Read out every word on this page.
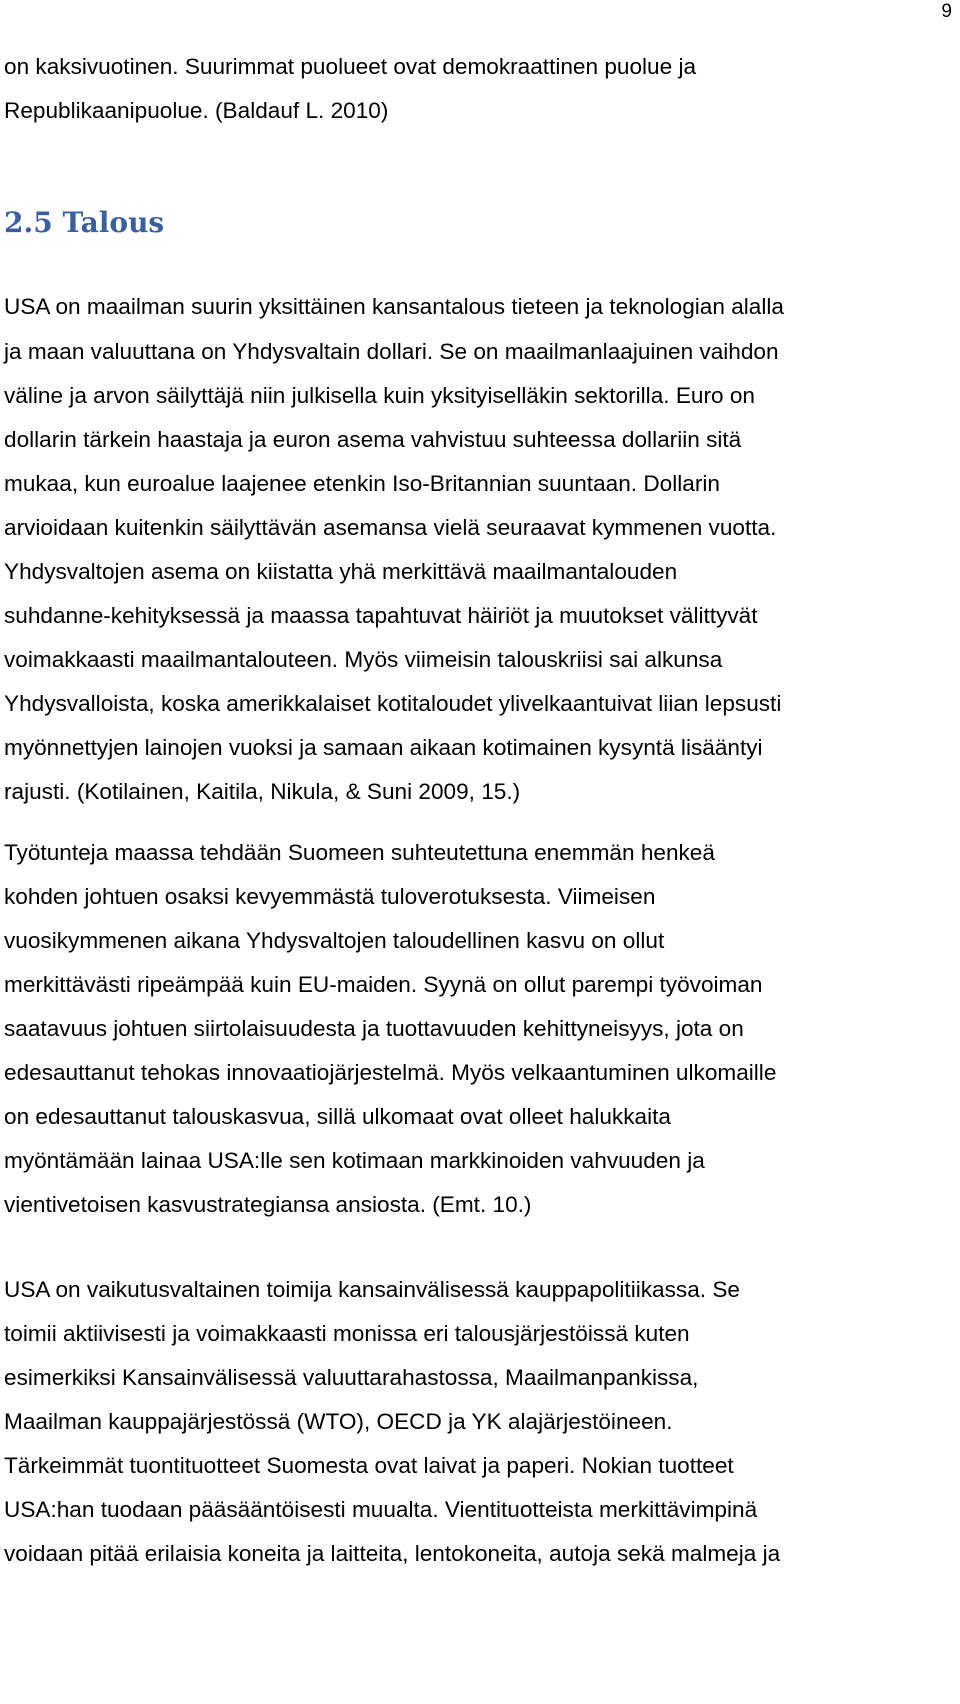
9
on kaksivuotinen. Suurimmat puolueet ovat demokraattinen puolue ja
Republikaanipuolue. (Baldauf L. 2010)
2.5 Talous
USA on maailman suurin yksittäinen kansantalous tieteen ja teknologian alalla
ja maan valuuttana on Yhdysvaltain dollari. Se on maailmanlaajuinen vaihdon
väline ja arvon säilyttäjä niin julkisella kuin yksityiselläkin sektorilla. Euro on
dollarin tärkein haastaja ja euron asema vahvistuu suhteessa dollariin sitä
mukaa, kun euroalue laajenee etenkin Iso-Britannian suuntaan. Dollarin
arvioidaan kuitenkin säilyttävän asemansa vielä seuraavat kymmenen vuotta.
Yhdysvaltojen asema on kiistatta yhä merkittävä maailmantalouden
suhdanne-kehityksessä ja maassa tapahtuvat häiriöt ja muutokset välittyvät
voimakkaasti maailmantalouteen. Myös viimeisin talouskriisi sai alkunsa
Yhdysvalloista, koska amerikkalaiset kotitaloudet ylivelkaantuivat liian lepsusti
myönnettyjen lainojen vuoksi ja samaan aikaan kotimainen kysyntä lisääntyi
rajusti. (Kotilainen, Kaitila, Nikula, & Suni 2009, 15.)
Työtunteja maassa tehdään Suomeen suhteutettuna enemmän henkeä
kohden johtuen osaksi kevyemmästä tuloverotuksesta. Viimeisen
vuosikymmenen aikana Yhdysvaltojen taloudellinen kasvu on ollut
merkittävästi ripeämpää kuin EU-maiden. Syynä on ollut parempi työvoiman
saatavuus johtuen siirtolaisuudesta ja tuottavuuden kehittyneisyys, jota on
edesauttanut tehokas innovaatiojärjestelmä. Myös velkaantuminen ulkomaille
on edesauttanut talouskasvua, sillä ulkomaat ovat olleet halukkaita
myöntämään lainaa USA:lle sen kotimaan markkinoiden vahvuuden ja
vientivetoisen kasvustrategiansa ansiosta. (Emt. 10.)
USA on vaikutusvaltainen toimija kansainvälisessä kauppapolitiikassa. Se
toimii aktiivisesti ja voimakkaasti monissa eri talousjärjestöissä kuten
esimerkiksi Kansainvälisessä valuuttarahastossa, Maailmanpankissa,
Maailman kauppajärjestössä (WTO), OECD ja YK alajärjestöineen.
Tärkeimmät tuontituotteet Suomesta ovat laivat ja paperi. Nokian tuotteet
USA:han tuodaan pääsääntöisesti muualta. Vientituotteista merkittävimpinä
voidaan pitää erilaisia koneita ja laitteita, lentokoneita, autoja sekä malmeja ja
